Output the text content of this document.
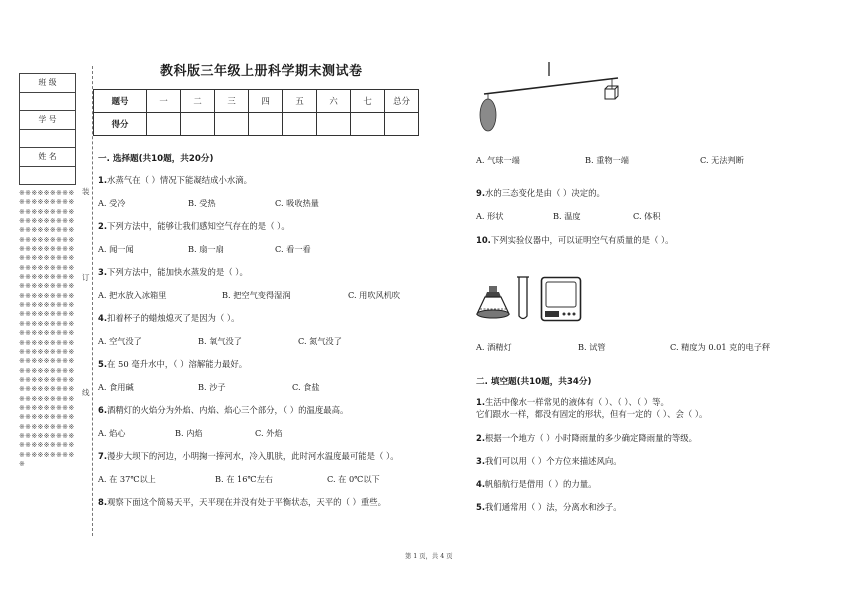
班 级

学 号

姓 名

※※※※※※※※※※※※※※※※※※※※※※※※※※※※※※※※※※※※※※※※※※※※※※※※※※※※※※※※※※※※※※※※※※※※※※※※※※※※※※※※※※※※※※※※※※※※※※※※※※※※※※※※※※※※※※※※※※※※※※※※※※※※※※※※※※※※※※※※※※※※※※※※※※※※※※※※※※※※※※※※※※※※※※※※※※※※※※※※※※※※※※※※※※※※※※※※※※※※※※※※※※※※※※※※※※※※※※※※※※※※※※※※※※※※※※※※※※※※※※※※※※※※※※※※※※※※※※※※※※※※※※
装
订
线
教科版三年级上册科学期末测试卷
题号	一	二	三	四	五	六	七	总分
得分								
一. 选择题(共10题，共20分)
1.水蒸气在（ ）情况下能凝结成小水滴。
A. 受冷	B. 受热	C. 吸收热量
2.下列方法中，能够让我们感知空气存在的是（ ）。
A. 闻一闻	B. 扇一扇	C. 看一看
3.下列方法中，能加快水蒸发的是（ ）。
A. 把水放入冰箱里	B. 把空气变得湿润	C. 用吹风机吹
4.扣着杯子的蜡烛熄灭了是因为（ ）。
A. 空气没了	B. 氧气没了	C. 氮气没了
5.在 50 毫升水中，（ ）溶解能力最好。
A. 食用碱	B. 沙子	C. 食盐
6.酒精灯的火焰分为外焰、内焰、焰心三个部分，（ ）的温度最高。
A. 焰心	B. 内焰	C. 外焰
7.漫步大坝下的河边，小明掬一捧河水，冷入肌肤，此时河水温度最可能是（ ）。
A. 在 37℃以上	B. 在 16℃左右	C. 在 0℃以下
8.观察下面这个简易天平，天平现在并没有处于平衡状态，天平的（ ）重些。
A. 气球一端	B. 重物一端	C. 无法判断
9.水的三态变化是由（ ）决定的。
A. 形状	B. 温度	C. 体积
10.下列实验仪器中，可以证明空气有质量的是（ ）。
A. 酒精灯	B. 试管	C. 精度为 0.01 克的电子秤
二. 填空题(共10题，共34分)
1.生活中像水一样常见的液体有（ ）、（ ）、（ ）等。
它们跟水一样，都没有固定的形状，但有一定的（ ）、会（ ）。
2.根据一个地方（ ）小时降雨量的多少确定降雨量的等级。
3.我们可以用（ ）个方位来描述风向。
4.帆船航行是借用（ ）的力量。
5.我们通常用（ ）法，分离水和沙子。
第 1 页，共 4 页
